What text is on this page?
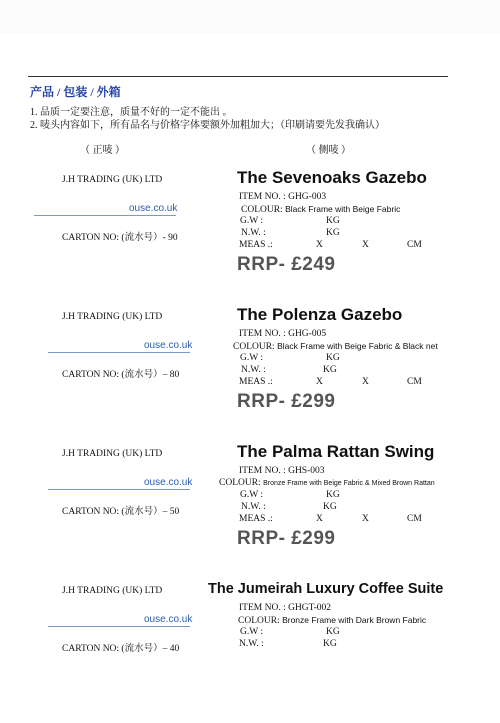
产品 / 包装 / 外箱
1. 品质一定要注意，质量不好的一定不能出 。
2. 唛头内容如下，所有品名与价格字体要额外加粗加大；（印刷请要先发我确认）
（ 正唛 ）	（ 侧唛 ）
J.H TRADING (UK) LTD
ouse.co.uk
CARTON NO: (流水号）- 90
The Sevenoaks Gazebo
ITEM NO. : GHG-003
COLOUR: Black Frame with Beige Fabric
G.W :	KG
N.W. :	KG
MEAS .:	X	X	CM
RRP- £249
J.H TRADING (UK) LTD
ouse.co.uk
CARTON NO: (流水号）– 80
The Polenza Gazebo
ITEM NO. : GHG-005
COLOUR: Black Frame with Beige Fabric & Black net
G.W :	KG
N.W. :	KG
MEAS .:	X	X	CM
RRP- £299
J.H TRADING (UK) LTD
ouse.co.uk
CARTON NO: (流水号）– 50
The Palma Rattan Swing
ITEM NO. : GHS-003
COLOUR: Bronze Frame with Beige Fabric & Mixed Brown Rattan
G.W :	KG
N.W. :	KG
MEAS .:	X	X	CM
RRP- £299
J.H TRADING (UK) LTD
ouse.co.uk
CARTON NO: (流水号）– 40
The Jumeirah Luxury Coffee Suite
ITEM NO. : GHGT-002
COLOUR: Bronze Frame with Dark Brown Fabric
G.W :	KG
N.W. :	KG
